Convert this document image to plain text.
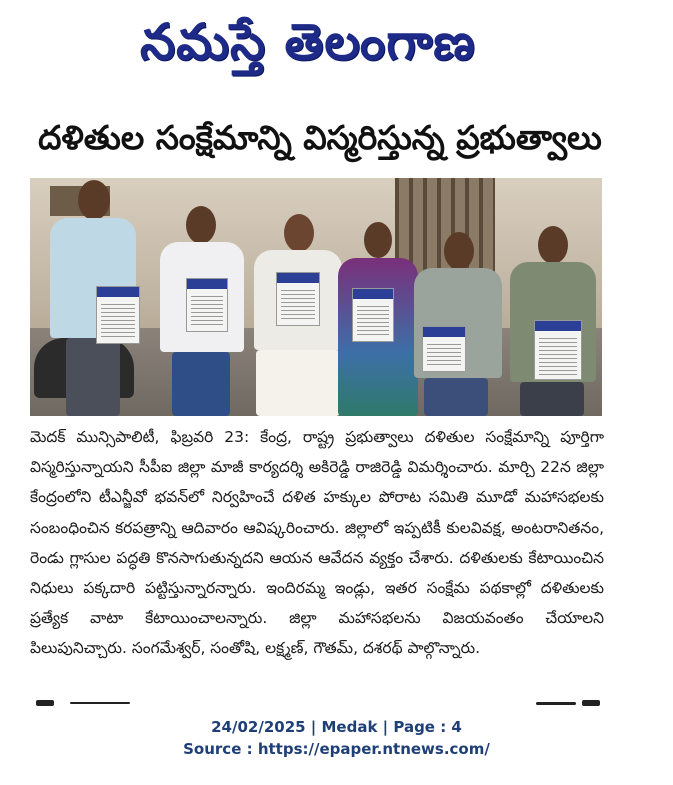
నమస్తే తెలంగాణ
దళితుల సంక్షేమాన్ని విస్మరిస్తున్న ప్రభుత్వాలు
మెదక్ మున్సిపాలిటీ, ఫిబ్రవరి 23: కేంద్ర, రాష్ట్ర ప్రభుత్వాలు దళితుల సంక్షేమాన్ని పూర్తిగా విస్మరిస్తున్నాయని సీపీఐ జిల్లా మాజీ కార్యదర్శి అకిరెడ్డి రాజిరెడ్డి విమర్శించారు. మార్చి 22న జిల్లా కేంద్రంలోని టీఎన్జీవో భవన్‌లో నిర్వహించే దళిత హక్కుల పోరాట సమితి మూడో మహాసభలకు సంబంధించిన కరపత్రాన్ని ఆదివారం ఆవిష్కరించారు. జిల్లాలో ఇప్పటికీ కులవివక్ష, అంటరానితనం, రెండు గ్లాసుల పద్ధతి కొనసాగుతున్నదని ఆయన ఆవేదన వ్యక్తం చేశారు. దళితులకు కేటాయించిన నిధులు పక్కదారి పట్టిస్తున్నారన్నారు. ఇందిరమ్మ ఇండ్లు, ఇతర సంక్షేమ పథకాల్లో దళితులకు ప్రత్యేక వాటా కేటాయించాలన్నారు. జిల్లా మహాసభలను విజయవంతం చేయాలని పిలుపునిచ్చారు. సంగమేశ్వర్, సంతోషి, లక్ష్మణ్, గౌతమ్, దశరథ్ పాల్గొన్నారు.
24/02/2025 | Medak | Page : 4
Source : https://epaper.ntnews.com/
